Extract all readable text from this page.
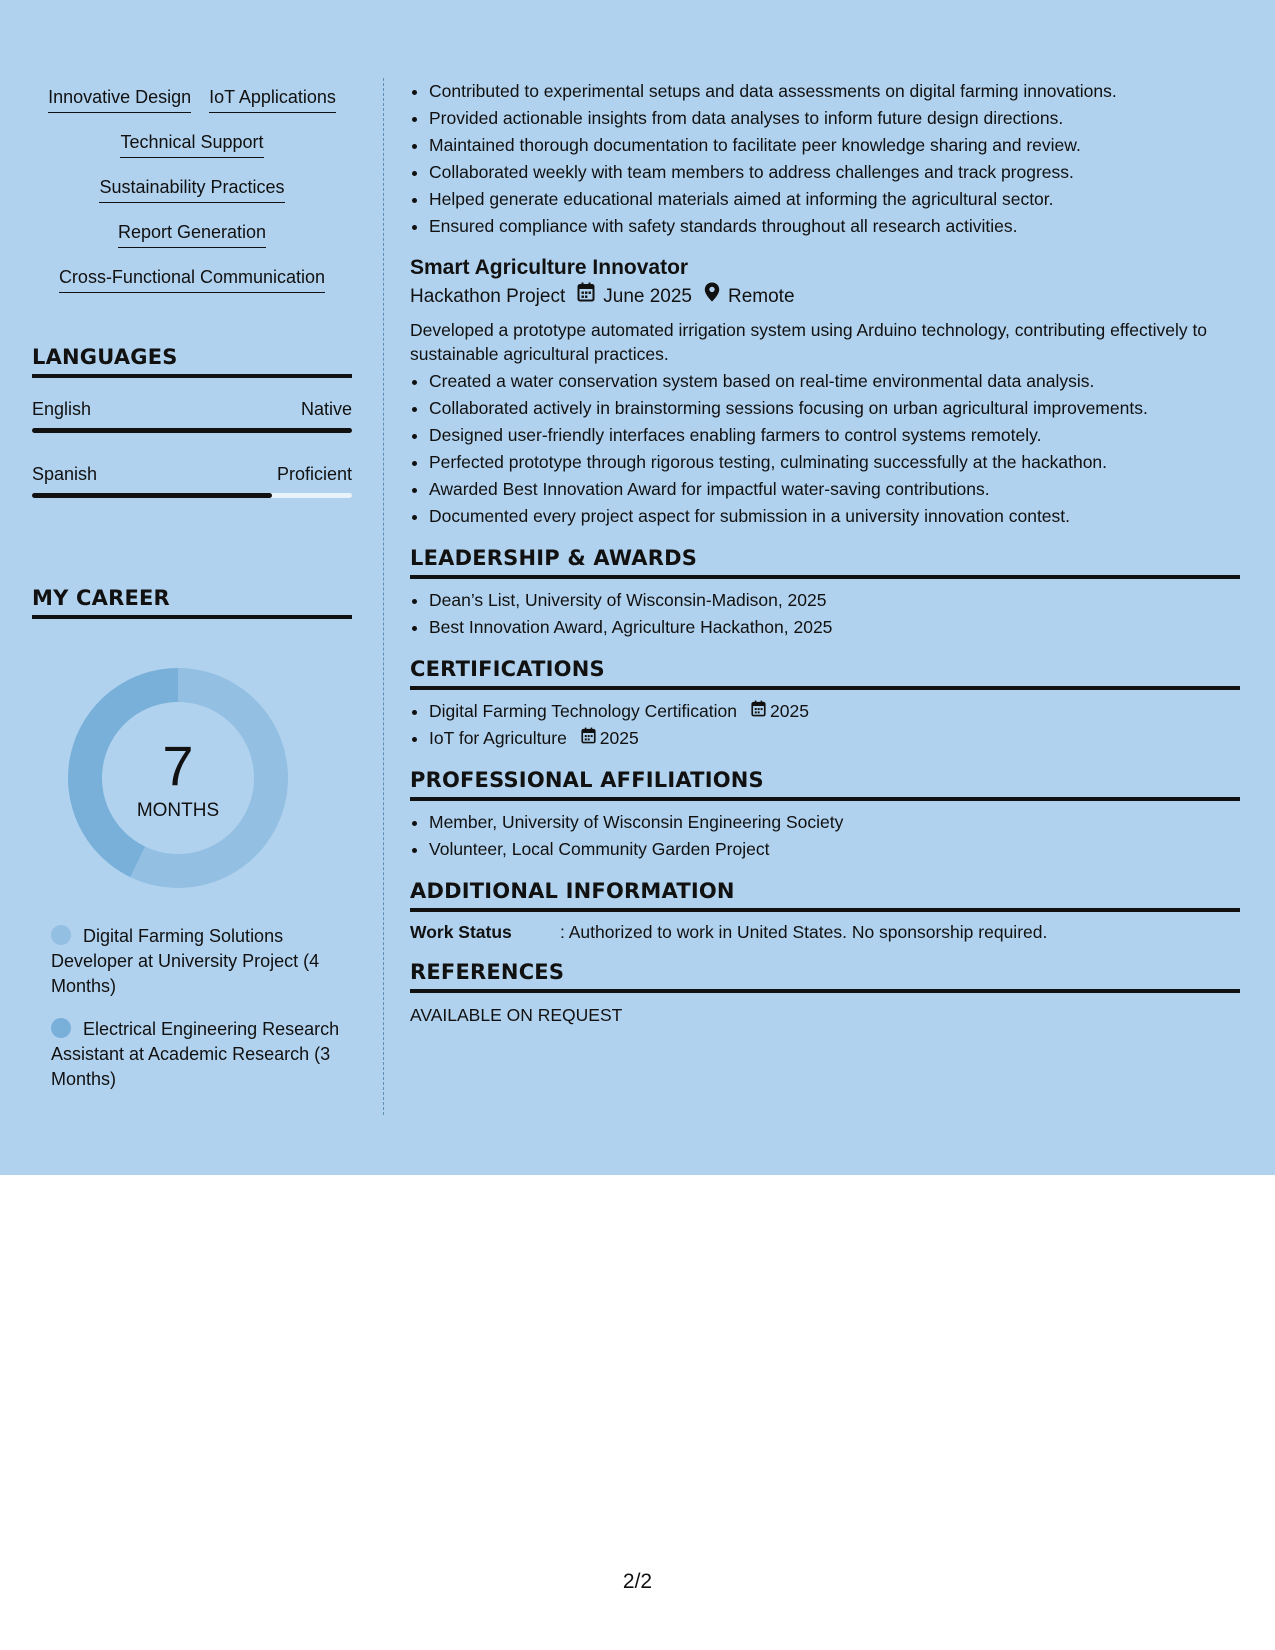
Innovative Design IoT Applications
Technical Support
Sustainability Practices
Report Generation
Cross-Functional Communication
LANGUAGES
English	Native
Spanish	Proficient
MY CAREER
7
MONTHS
Digital Farming Solutions Developer at University Project (4 Months)
Electrical Engineering Research Assistant at Academic Research (3 Months)
• Contributed to experimental setups and data assessments on digital farming innovations.
• Provided actionable insights from data analyses to inform future design directions.
• Maintained thorough documentation to facilitate peer knowledge sharing and review.
• Collaborated weekly with team members to address challenges and track progress.
• Helped generate educational materials aimed at informing the agricultural sector.
• Ensured compliance with safety standards throughout all research activities.
Smart Agriculture Innovator
Hackathon Project June 2025 Remote
Developed a prototype automated irrigation system using Arduino technology, contributing effectively to sustainable agricultural practices.
• Created a water conservation system based on real-time environmental data analysis.
• Collaborated actively in brainstorming sessions focusing on urban agricultural improvements.
• Designed user-friendly interfaces enabling farmers to control systems remotely.
• Perfected prototype through rigorous testing, culminating successfully at the hackathon.
• Awarded Best Innovation Award for impactful water-saving contributions.
• Documented every project aspect for submission in a university innovation contest.
LEADERSHIP & AWARDS
• Dean’s List, University of Wisconsin-Madison, 2025
• Best Innovation Award, Agriculture Hackathon, 2025
CERTIFICATIONS
• Digital Farming Technology Certification 2025
• IoT for Agriculture 2025
PROFESSIONAL AFFILIATIONS
• Member, University of Wisconsin Engineering Society
• Volunteer, Local Community Garden Project
ADDITIONAL INFORMATION
Work Status	: Authorized to work in United States. No sponsorship required.
REFERENCES
AVAILABLE ON REQUEST
2/2
